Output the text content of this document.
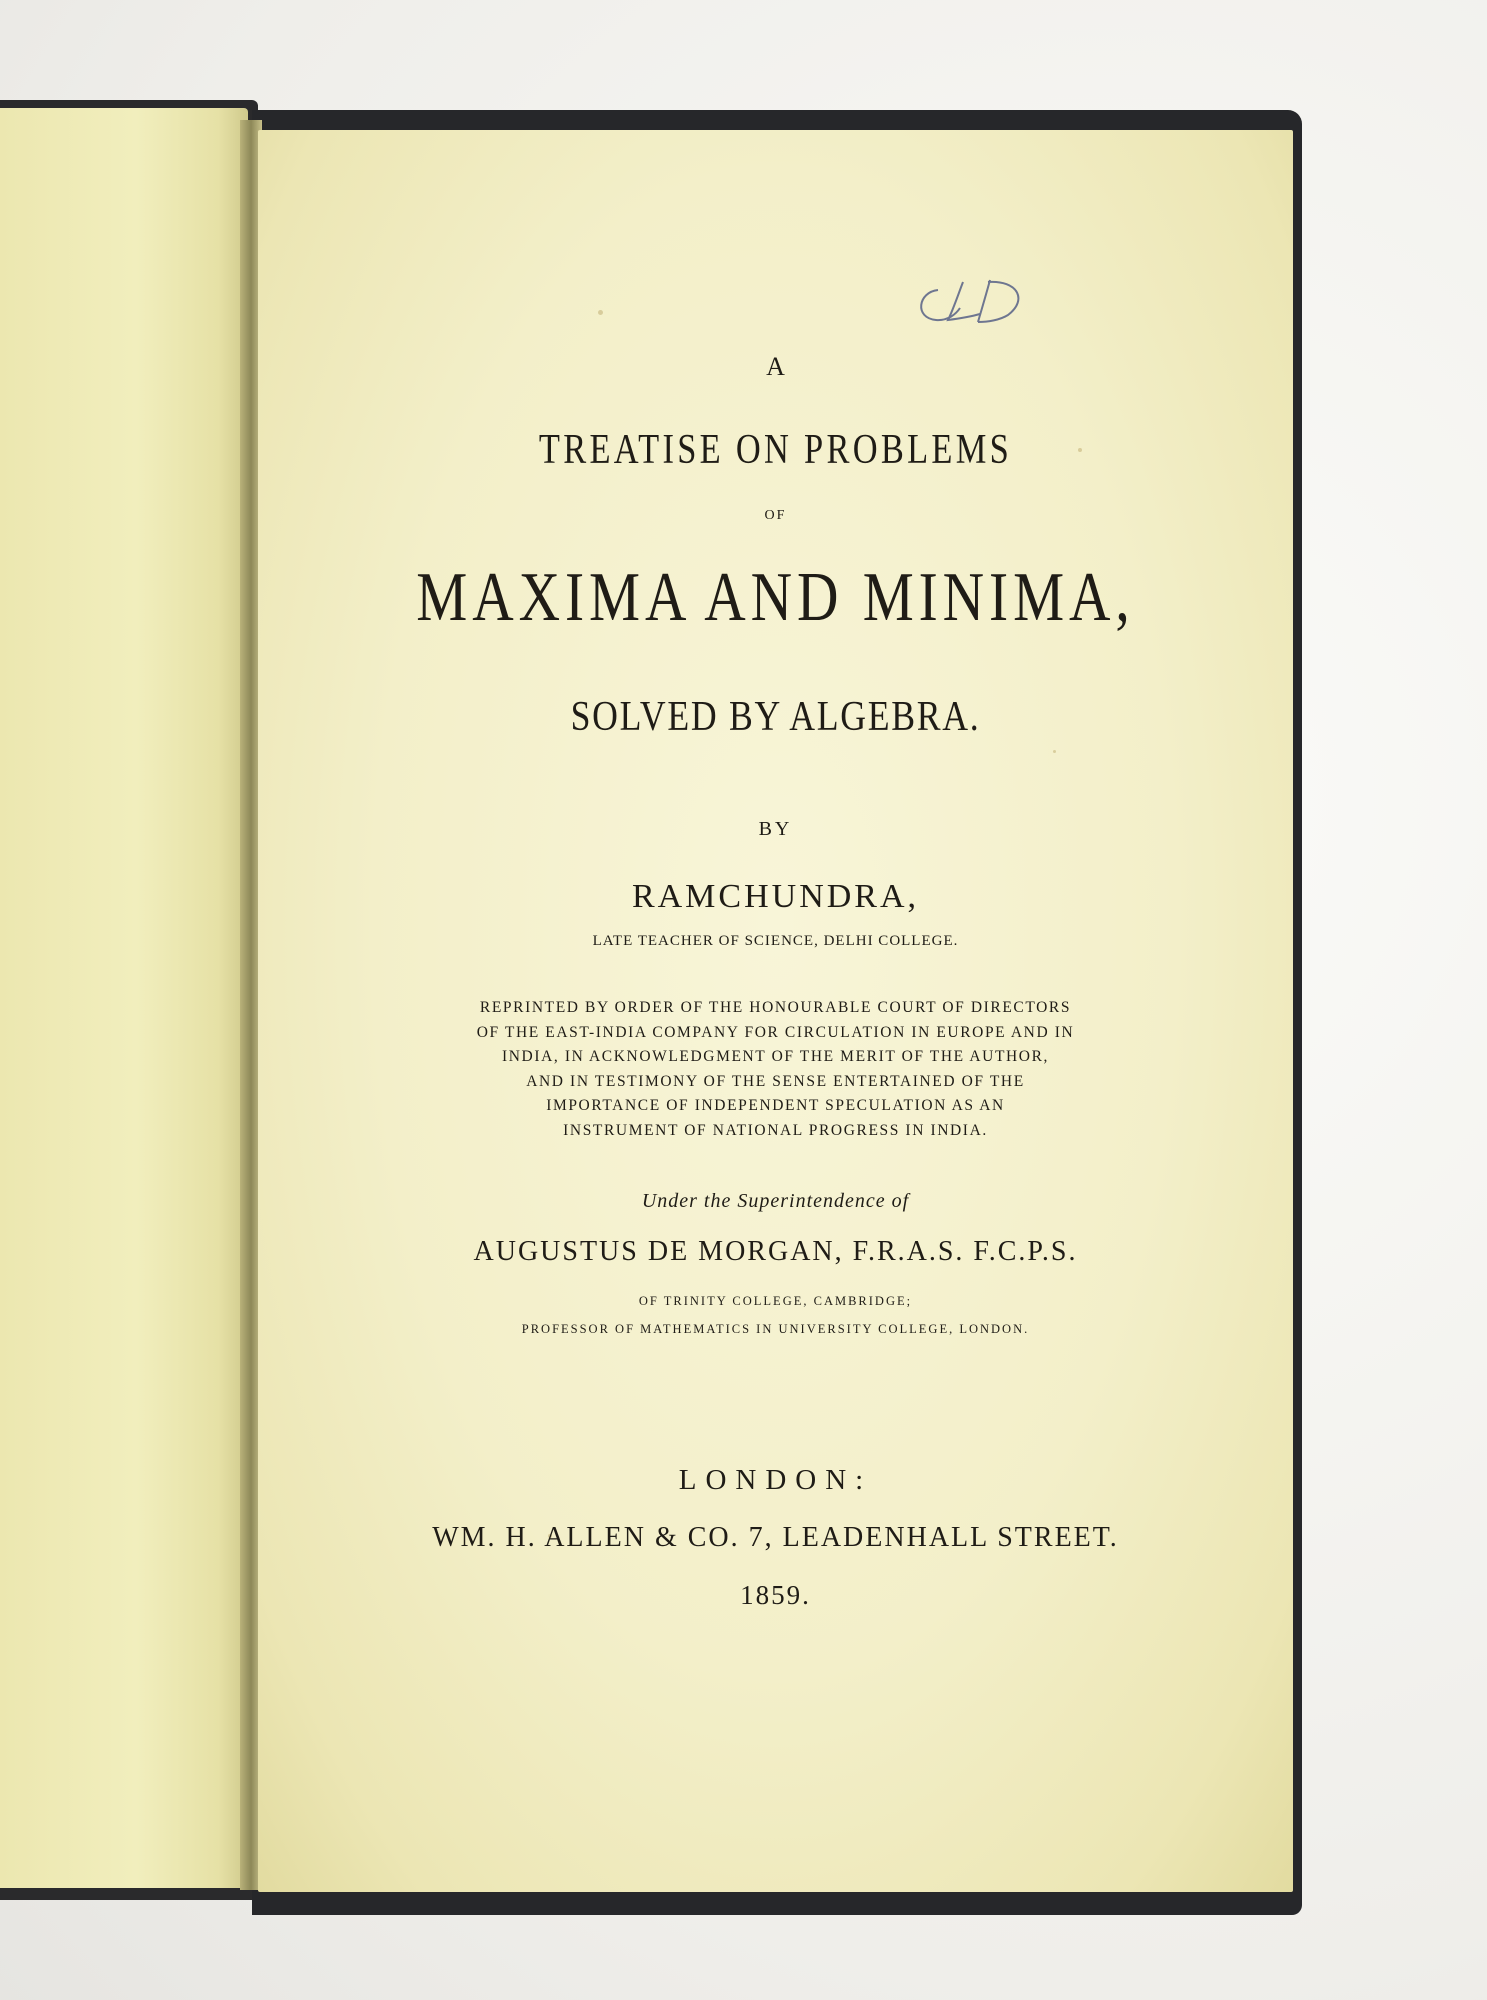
A
TREATISE ON PROBLEMS
OF
MAXIMA AND MINIMA,
SOLVED BY ALGEBRA.
BY
RAMCHUNDRA,
LATE TEACHER OF SCIENCE, DELHI COLLEGE.
REPRINTED BY ORDER OF THE HONOURABLE COURT OF DIRECTORS
OF THE EAST-INDIA COMPANY FOR CIRCULATION IN EUROPE AND IN
INDIA, IN ACKNOWLEDGMENT OF THE MERIT OF THE AUTHOR,
AND IN TESTIMONY OF THE SENSE ENTERTAINED OF THE
IMPORTANCE OF INDEPENDENT SPECULATION AS AN
INSTRUMENT OF NATIONAL PROGRESS IN INDIA.
Under the Superintendence of
AUGUSTUS DE MORGAN, F.R.A.S. F.C.P.S.
OF TRINITY COLLEGE, CAMBRIDGE;
PROFESSOR OF MATHEMATICS IN UNIVERSITY COLLEGE, LONDON.
LONDON:
WM. H. ALLEN & CO. 7, LEADENHALL STREET.
1859.
